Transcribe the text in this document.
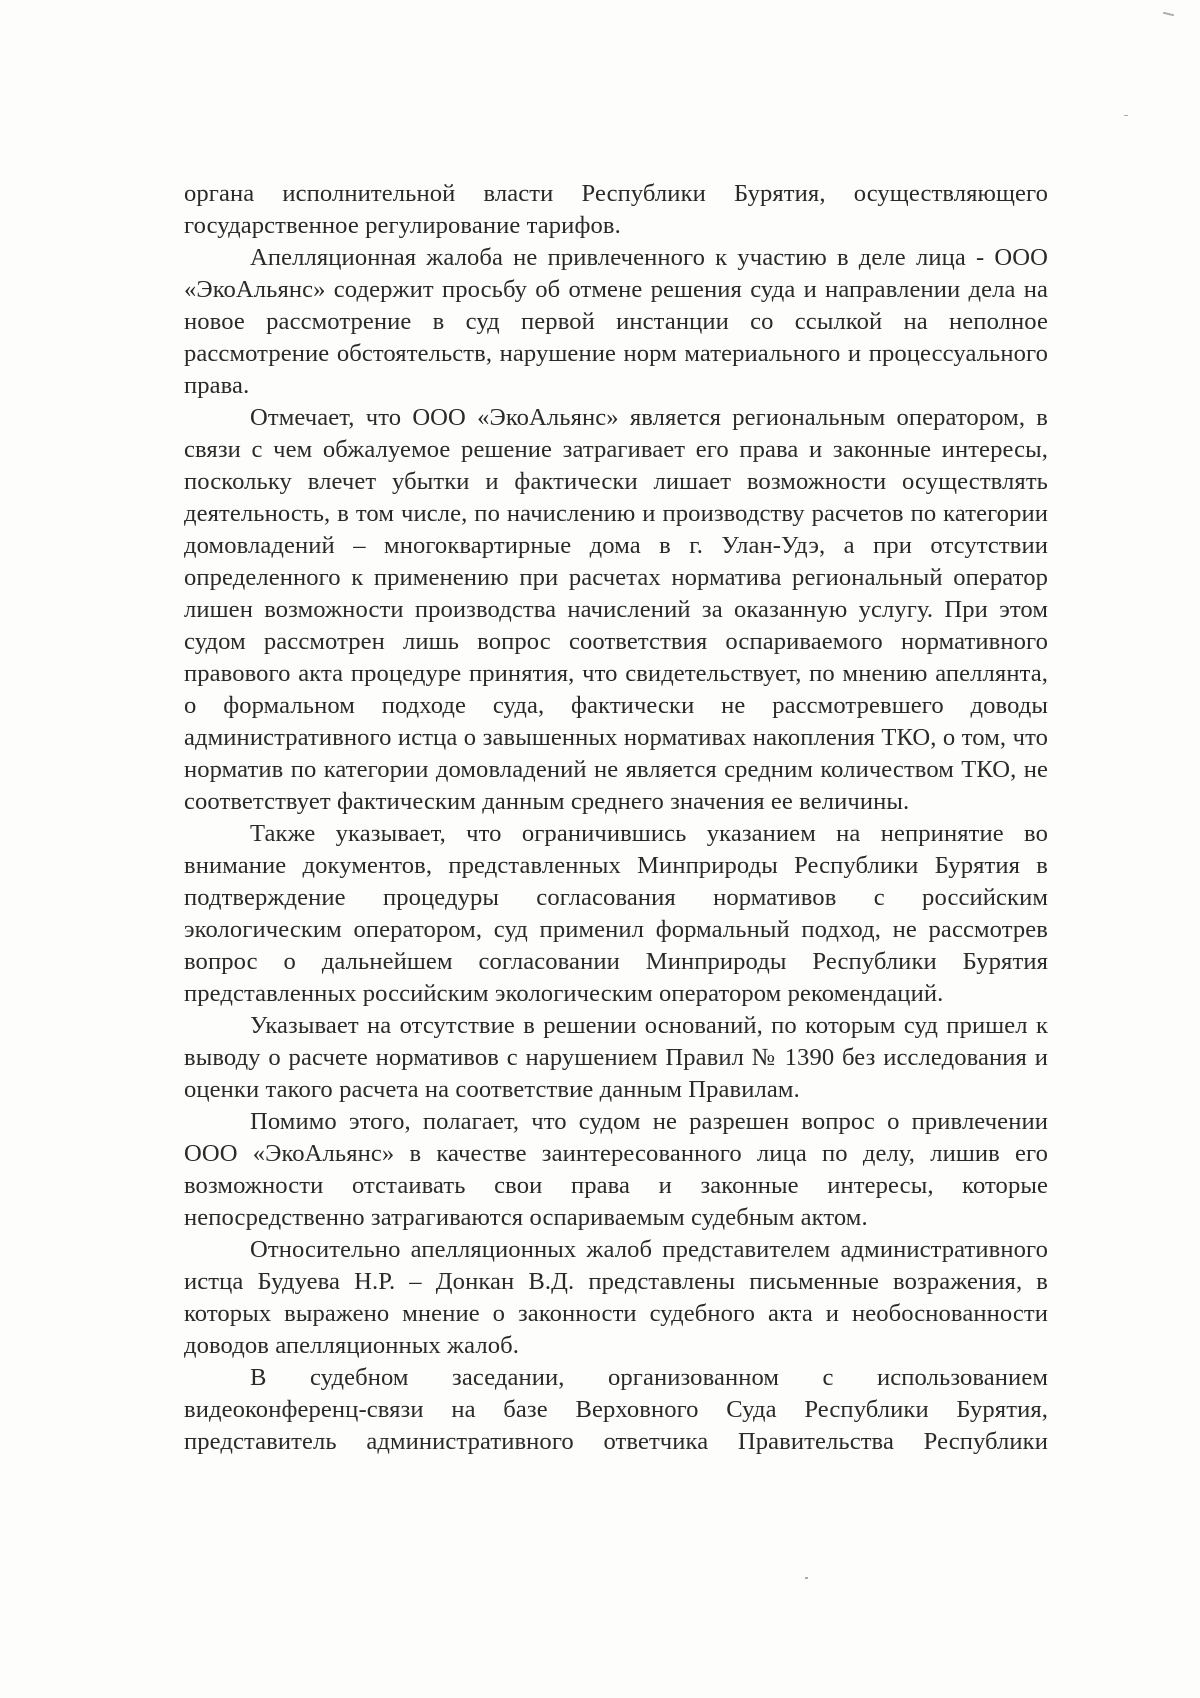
органа исполнительной власти Республики Бурятия, осуществляющего государственное регулирование тарифов.

Апелляционная жалоба не привлеченного к участию в деле лица - ООО «ЭкоАльянс» содержит просьбу об отмене решения суда и направлении дела на новое рассмотрение в суд первой инстанции со ссылкой на неполное рассмотрение обстоятельств, нарушение норм материального и процессуального права.

Отмечает, что ООО «ЭкоАльянс» является региональным оператором, в связи с чем обжалуемое решение затрагивает его права и законные интересы, поскольку влечет убытки и фактически лишает возможности осуществлять деятельность, в том числе, по начислению и производству расчетов по категории домовладений – многоквартирные дома в г. Улан-Удэ, а при отсутствии определенного к применению при расчетах норматива региональный оператор лишен возможности производства начислений за оказанную услугу. При этом судом рассмотрен лишь вопрос соответствия оспариваемого нормативного правового акта процедуре принятия, что свидетельствует, по мнению апеллянта, о формальном подходе суда, фактически не рассмотревшего доводы административного истца о завышенных нормативах накопления ТКО, о том, что норматив по категории домовладений не является средним количеством ТКО, не соответствует фактическим данным среднего значения ее величины.

Также указывает, что ограничившись указанием на непринятие во внимание документов, представленных Минприроды Республики Бурятия в подтверждение процедуры согласования нормативов с российским экологическим оператором, суд применил формальный подход, не рассмотрев вопрос о дальнейшем согласовании Минприроды Республики Бурятия представленных российским экологическим оператором рекомендаций.

Указывает на отсутствие в решении оснований, по которым суд пришел к выводу о расчете нормативов с нарушением Правил № 1390 без исследования и оценки такого расчета на соответствие данным Правилам.

Помимо этого, полагает, что судом не разрешен вопрос о привлечении ООО «ЭкоАльянс» в качестве заинтересованного лица по делу, лишив его возможности отстаивать свои права и законные интересы, которые непосредственно затрагиваются оспариваемым судебным актом.

Относительно апелляционных жалоб представителем административного истца Будуева Н.Р. – Донкан В.Д. представлены письменные возражения, в которых выражено мнение о законности судебного акта и необоснованности доводов апелляционных жалоб.

В судебном заседании, организованном с использованием видеоконференц-связи на базе Верховного Суда Республики Бурятия, представитель административного ответчика Правительства Республики
